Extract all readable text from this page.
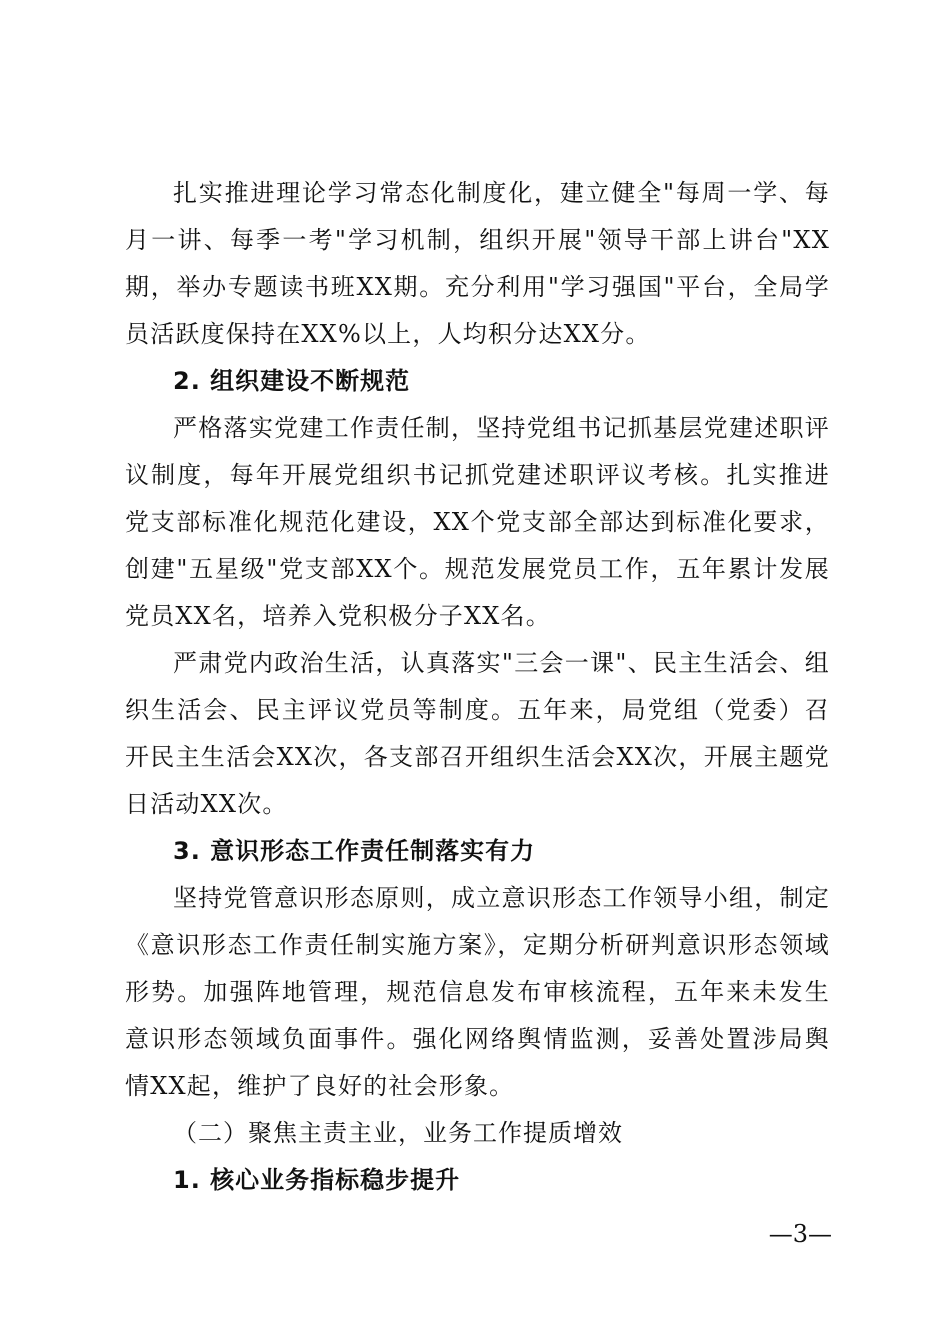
扎实推进理论学习常态化制度化，建立健全"每周一学、每月一讲、每季一考"学习机制，组织开展"领导干部上讲台"XX期，举办专题读书班XX期。充分利用"学习强国"平台，全局学员活跃度保持在XX%以上，人均积分达XX分。

2. 组织建设不断规范

严格落实党建工作责任制，坚持党组书记抓基层党建述职评议制度，每年开展党组织书记抓党建述职评议考核。扎实推进党支部标准化规范化建设，XX个党支部全部达到标准化要求，创建"五星级"党支部XX个。规范发展党员工作，五年累计发展党员XX名，培养入党积极分子XX名。

严肃党内政治生活，认真落实"三会一课"、民主生活会、组织生活会、民主评议党员等制度。五年来，局党组（党委）召开民主生活会XX次，各支部召开组织生活会XX次，开展主题党日活动XX次。

3. 意识形态工作责任制落实有力

坚持党管意识形态原则，成立意识形态工作领导小组，制定《意识形态工作责任制实施方案》，定期分析研判意识形态领域形势。加强阵地管理，规范信息发布审核流程，五年来未发生意识形态领域负面事件。强化网络舆情监测，妥善处置涉局舆情XX起，维护了良好的社会形象。

（二）聚焦主责主业，业务工作提质增效

1. 核心业务指标稳步提升

—3—
